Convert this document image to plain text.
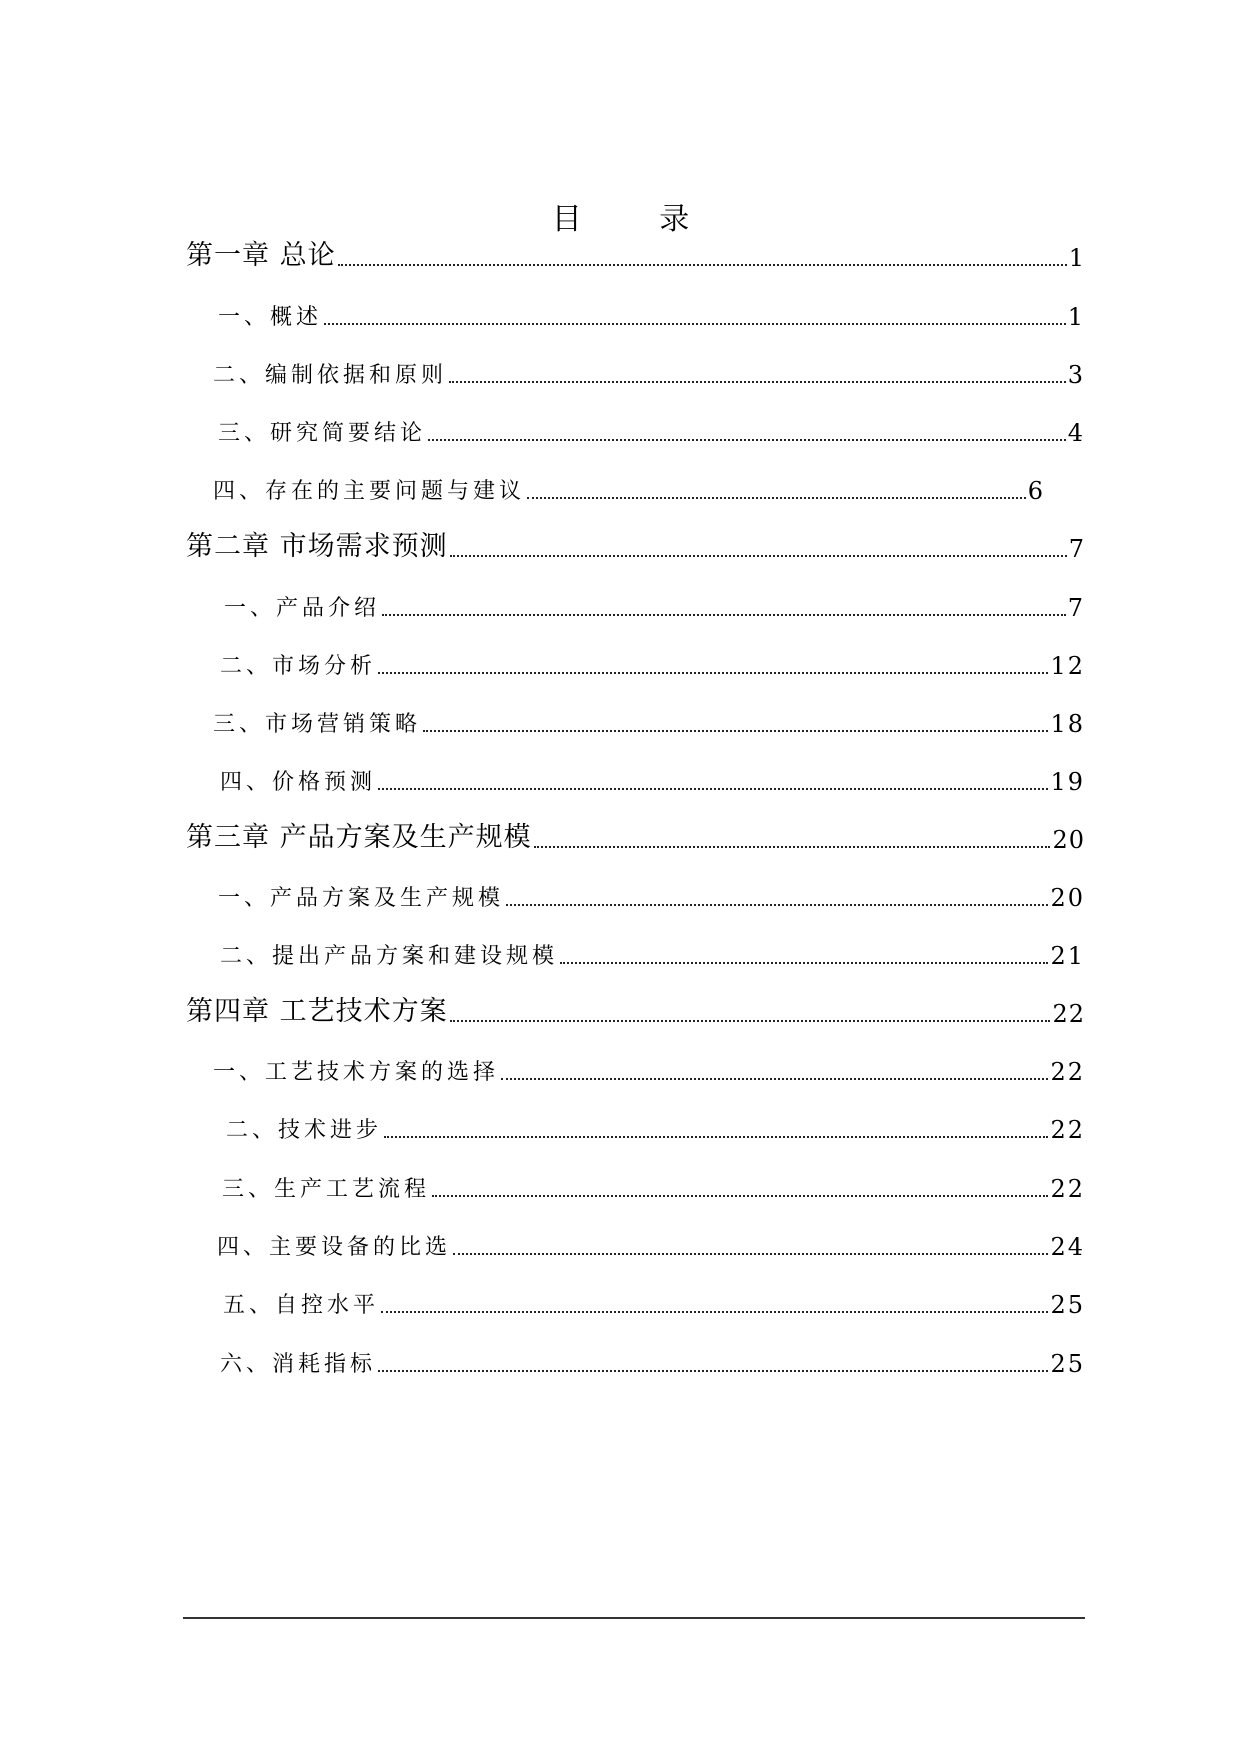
目 录
第一章 总论	1
一、概述	1
二、编制依据和原则	3
三、研究简要结论	4
四、存在的主要问题与建议	6
第二章 市场需求预测	7
一、产品介绍	7
二、市场分析	12
三、市场营销策略	18
四、价格预测	19
第三章 产品方案及生产规模	20
一、产品方案及生产规模	20
二、提出产品方案和建设规模	21
第四章 工艺技术方案	22
一、工艺技术方案的选择	22
二、技术进步	22
三、生产工艺流程	22
四、主要设备的比选	24
五、自控水平	25
六、消耗指标	25
